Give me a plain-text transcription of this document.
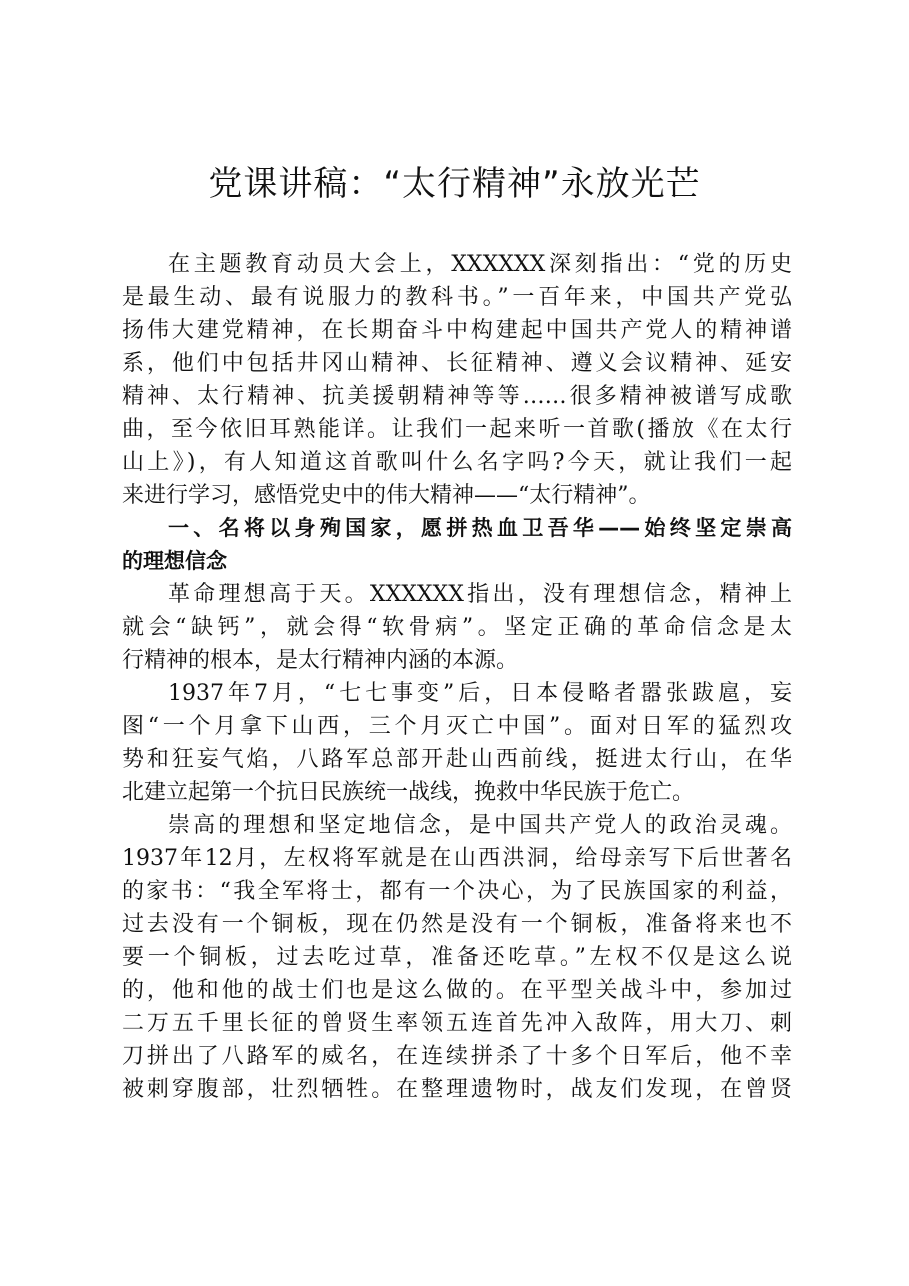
党课讲稿：“太行精神”永放光芒
在主题教育动员大会上，XXXXXX深刻指出：“党的历史
是最生动、最有说服力的教科书。”一百年来，中国共产党弘
扬伟大建党精神，在长期奋斗中构建起中国共产党人的精神谱
系，他们中包括井冈山精神、长征精神、遵义会议精神、延安
精神、太行精神、抗美援朝精神等等……很多精神被谱写成歌
曲，至今依旧耳熟能详。让我们一起来听一首歌(播放《在太行
山上》)，有人知道这首歌叫什么名字吗?今天，就让我们一起
来进行学习，感悟党史中的伟大精神——“太行精神”。
一、名将以身殉国家，愿拼热血卫吾华——始终坚定崇高
的理想信念
革命理想高于天。XXXXXX指出，没有理想信念，精神上
就会“缺钙”，就会得“软骨病”。坚定正确的革命信念是太
行精神的根本，是太行精神内涵的本源。
1937年7月，“七七事变”后，日本侵略者嚣张跋扈，妄
图“一个月拿下山西，三个月灭亡中国”。面对日军的猛烈攻
势和狂妄气焰，八路军总部开赴山西前线，挺进太行山，在华
北建立起第一个抗日民族统一战线，挽救中华民族于危亡。
崇高的理想和坚定地信念，是中国共产党人的政治灵魂。
1937年12月，左权将军就是在山西洪洞，给母亲写下后世著名
的家书：“我全军将士，都有一个决心，为了民族国家的利益，
过去没有一个铜板，现在仍然是没有一个铜板，准备将来也不
要一个铜板，过去吃过草，准备还吃草。”左权不仅是这么说
的，他和他的战士们也是这么做的。在平型关战斗中，参加过
二万五千里长征的曾贤生率领五连首先冲入敌阵，用大刀、刺
刀拼出了八路军的威名，在连续拼杀了十多个日军后，他不幸
被刺穿腹部，壮烈牺牲。在整理遗物时，战友们发现，在曾贤
